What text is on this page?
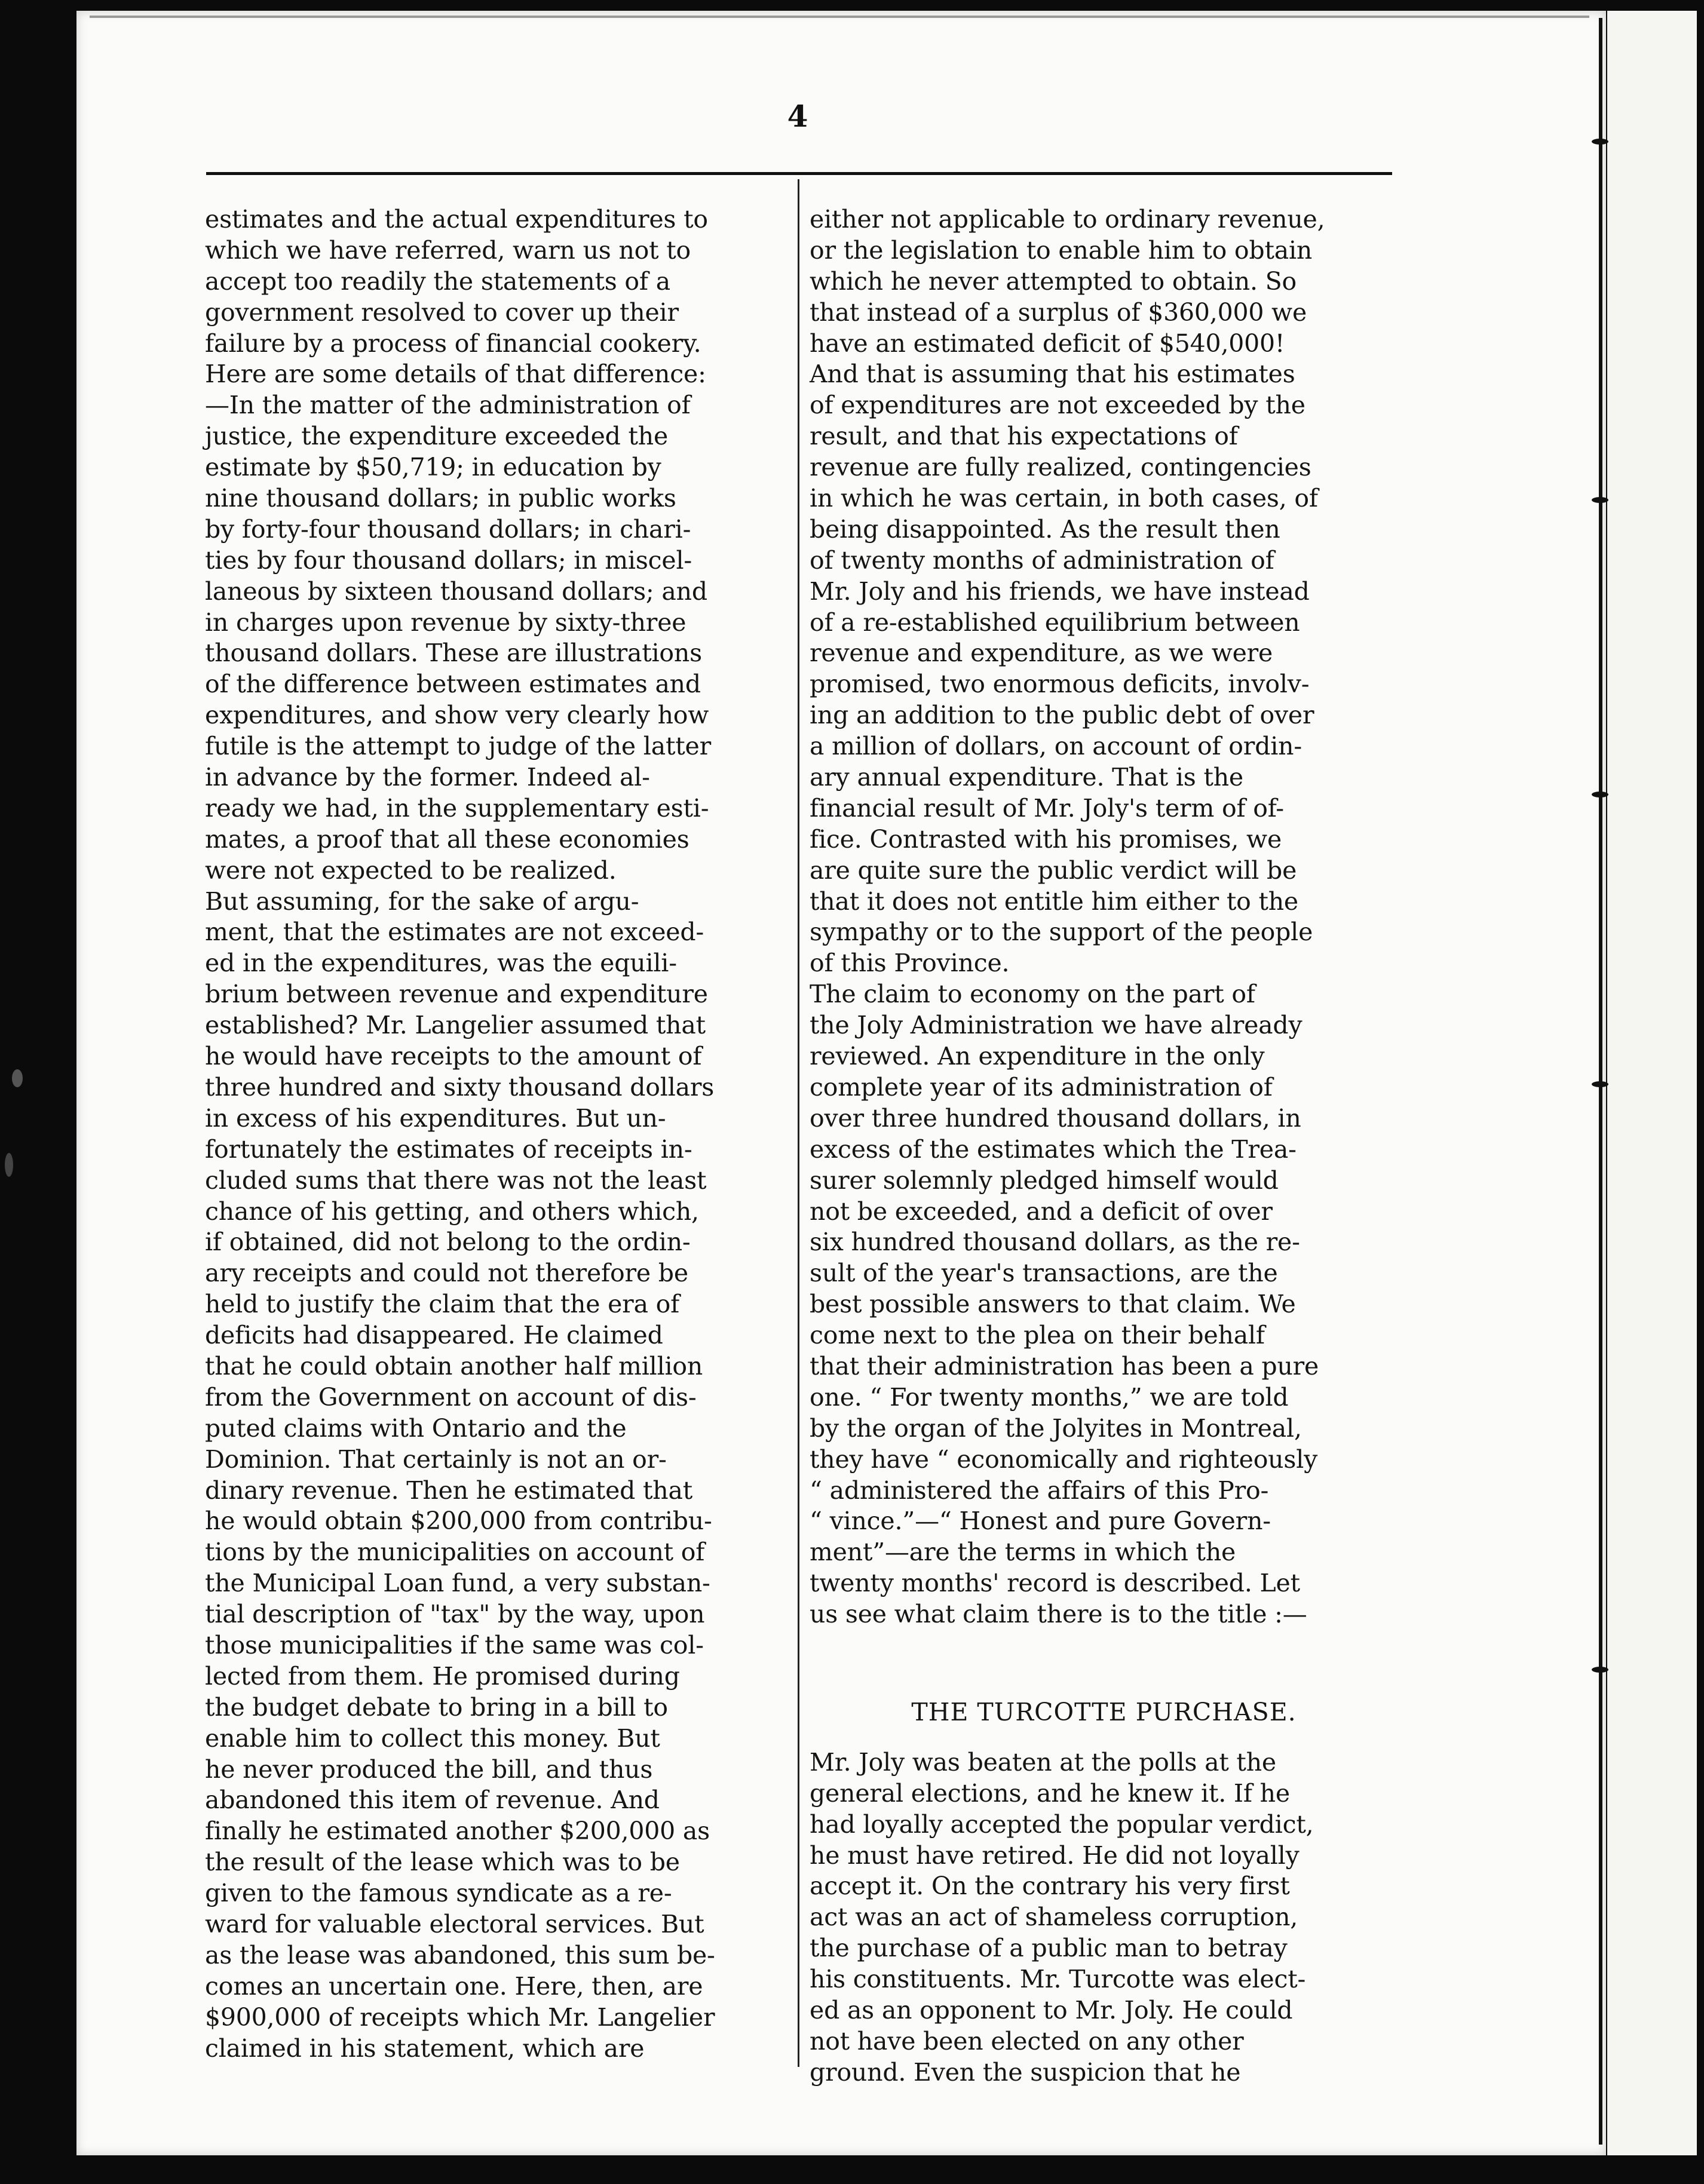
4
estimates and the actual expenditures to
which we have referred, warn us not to
accept too readily the statements of a
government resolved to cover up their
failure by a process of financial cookery.
Here are some details of that difference:
—In the matter of the administration of
justice, the expenditure exceeded the
estimate by $50,719; in education by
nine thousand dollars; in public works
by forty-four thousand dollars; in chari-
ties by four thousand dollars; in miscel-
laneous by sixteen thousand dollars; and
in charges upon revenue by sixty-three
thousand dollars. These are illustrations
of the difference between estimates and
expenditures, and show very clearly how
futile is the attempt to judge of the latter
in advance by the former. Indeed al-
ready we had, in the supplementary esti-
mates, a proof that all these economies
were not expected to be realized.
But assuming, for the sake of argu-
ment, that the estimates are not exceed-
ed in the expenditures, was the equili-
brium between revenue and expenditure
established? Mr. Langelier assumed that
he would have receipts to the amount of
three hundred and sixty thousand dollars
in excess of his expenditures. But un-
fortunately the estimates of receipts in-
cluded sums that there was not the least
chance of his getting, and others which,
if obtained, did not belong to the ordin-
ary receipts and could not therefore be
held to justify the claim that the era of
deficits had disappeared. He claimed
that he could obtain another half million
from the Government on account of dis-
puted claims with Ontario and the
Dominion. That certainly is not an or-
dinary revenue. Then he estimated that
he would obtain $200,000 from contribu-
tions by the municipalities on account of
the Municipal Loan fund, a very substan-
tial description of "tax" by the way, upon
those municipalities if the same was col-
lected from them. He promised during
the budget debate to bring in a bill to
enable him to collect this money. But
he never produced the bill, and thus
abandoned this item of revenue. And
finally he estimated another $200,000 as
the result of the lease which was to be
given to the famous syndicate as a re-
ward for valuable electoral services. But
as the lease was abandoned, this sum be-
comes an uncertain one. Here, then, are
$900,000 of receipts which Mr. Langelier
claimed in his statement, which are
either not applicable to ordinary revenue,
or the legislation to enable him to obtain
which he never attempted to obtain. So
that instead of a surplus of $360,000 we
have an estimated deficit of $540,000!
And that is assuming that his estimates
of expenditures are not exceeded by the
result, and that his expectations of
revenue are fully realized, contingencies
in which he was certain, in both cases, of
being disappointed. As the result then
of twenty months of administration of
Mr. Joly and his friends, we have instead
of a re-established equilibrium between
revenue and expenditure, as we were
promised, two enormous deficits, involv-
ing an addition to the public debt of over
a million of dollars, on account of ordin-
ary annual expenditure. That is the
financial result of Mr. Joly's term of of-
fice. Contrasted with his promises, we
are quite sure the public verdict will be
that it does not entitle him either to the
sympathy or to the support of the people
of this Province.
The claim to economy on the part of
the Joly Administration we have already
reviewed. An expenditure in the only
complete year of its administration of
over three hundred thousand dollars, in
excess of the estimates which the Trea-
surer solemnly pledged himself would
not be exceeded, and a deficit of over
six hundred thousand dollars, as the re-
sult of the year's transactions, are the
best possible answers to that claim. We
come next to the plea on their behalf
that their administration has been a pure
one. “ For twenty months,” we are told
by the organ of the Jolyites in Montreal,
they have “ economically and righteously
“ administered the affairs of this Pro-
“ vince.”—“ Honest and pure Govern-
ment”—are the terms in which the
twenty months' record is described. Let
us see what claim there is to the title :—
THE TURCOTTE PURCHASE.
Mr. Joly was beaten at the polls at the
general elections, and he knew it. If he
had loyally accepted the popular verdict,
he must have retired. He did not loyally
accept it. On the contrary his very first
act was an act of shameless corruption,
the purchase of a public man to betray
his constituents. Mr. Turcotte was elect-
ed as an opponent to Mr. Joly. He could
not have been elected on any other
ground. Even the suspicion that he
